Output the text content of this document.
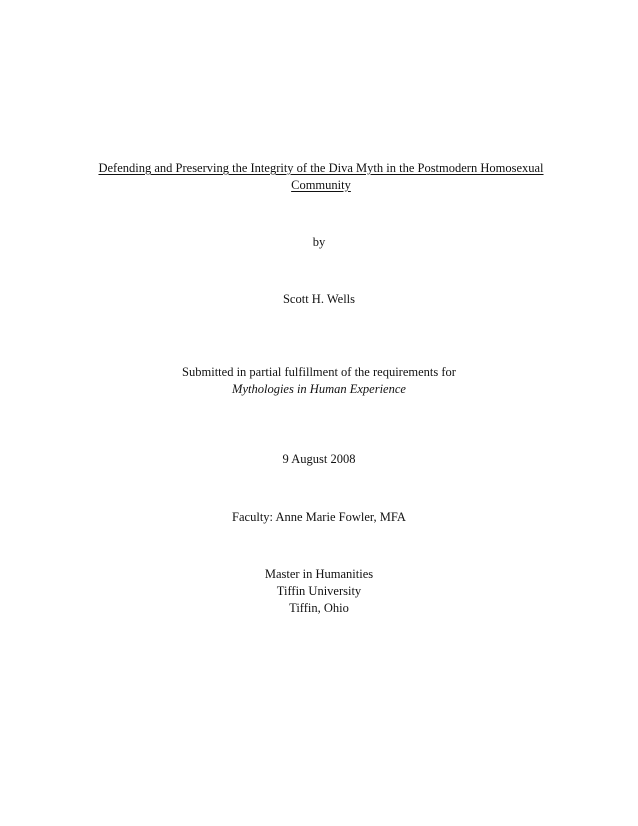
Defending and Preserving the Integrity of the Diva Myth in the Postmodern Homosexual
Community
by
Scott H. Wells
Submitted in partial fulfillment of the requirements for
Mythologies in Human Experience
9 August 2008
Faculty: Anne Marie Fowler, MFA
Master in Humanities
Tiffin University
Tiffin, Ohio
